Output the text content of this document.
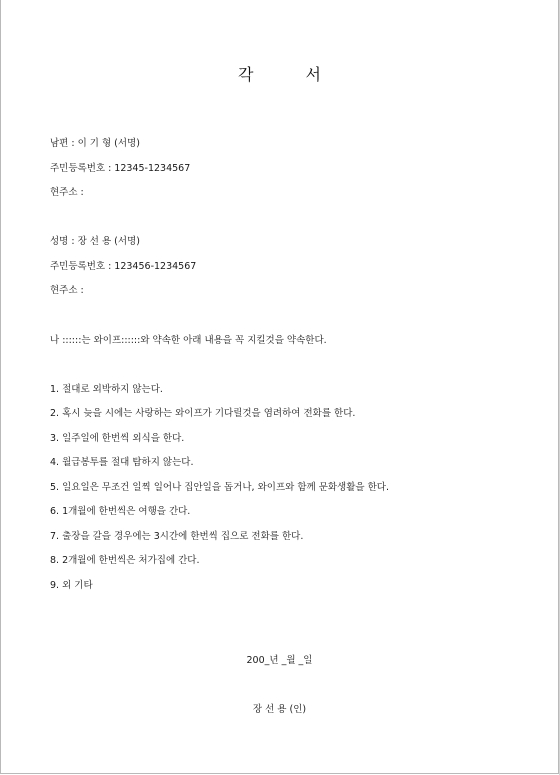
각	서
남편 : 이 기 형 (서명)
주민등록번호 : 12345-1234567
현주소 :
성명 : 장 선 용 (서명)
주민등록번호 : 123456-1234567
현주소 :
나 ::::::는 와이프::::::와 약속한 아래 내용을 꼭 지킬것을 약속한다.
1. 절대로 외박하지 않는다.
2. 혹시 늦을 시에는 사랑하는 와이프가 기다릴것을 염려하여 전화를 한다.
3. 일주일에 한번씩 외식을 한다.
4. 월급봉투를 절대 탐하지 않는다.
5. 일요일은 무조건 일찍 일어나 집안일을 돕거나, 와이프와 함께 문화생활을 한다.
6. 1개월에 한번씩은 여행을 간다.
7. 출장을 갈을 경우에는 3시간에 한번씩 집으로 전화를 한다.
8. 2개월에 한번씩은 처가집에 간다.
9. 외 기타
200_년 _월 _일
장 선 용 (인)
